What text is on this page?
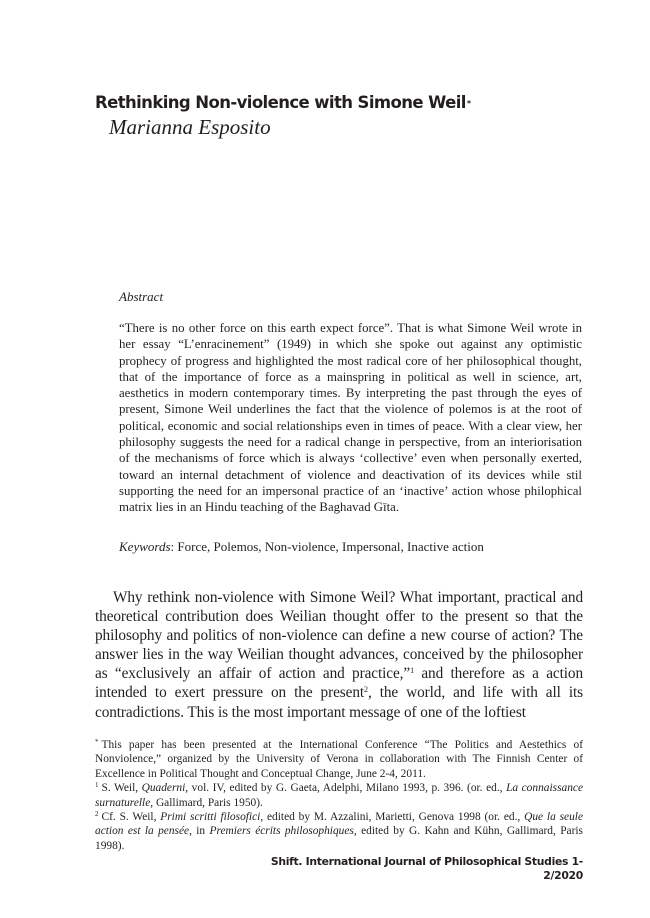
Rethinking Non-violence with Simone Weil*

Marianna Esposito

Abstract

“There is no other force on this earth expect force”. That is what Simone Weil wrote in her essay “L’enracinement” (1949) in which she spoke out against any optimistic prophecy of progress and highlighted the most radical core of her philosophical thought, that of the importance of force as a mainspring in political as well in science, art, aesthetics in modern contemporary times. By interpreting the past through the eyes of present, Simone Weil underlines the fact that the violence of polemos is at the root of political, economic and social relationships even in times of peace. With a clear view, her philosophy suggests the need for a radical change in perspective, from an interiorisation of the mechanisms of force which is always ‘collective’ even when personally exerted, toward an internal detachment of violence and deactivation of its devices while stil supporting the need for an impersonal practice of an ‘inactive’ action whose philophical matrix lies in an Hindu teaching of the Baghavad Gīta.

Keywords: Force, Polemos, Non-violence, Impersonal, Inactive action

Why rethink non-violence with Simone Weil? What important, practical and theoretical contribution does Weilian thought offer to the present so that the philosophy and politics of non-violence can define a new course of action? The answer lies in the way Weilian thought advances, conceived by the philosopher as “exclusively an affair of action and practice,”$^1$ and therefore as a action intended to exert pressure on the present$^2$, the world, and life with all its contradictions. This is the most important message of one of the loftiest

* This paper has been presented at the International Conference “The Politics and Aestethics of Nonviolence,” organized by the University of Verona in collaboration with The Finnish Center of Excellence in Political Thought and Conceptual Change, June 2-4, 2011.

$^1$ S. Weil, Quaderni, vol. IV, edited by G. Gaeta, Adelphi, Milano 1993, p. 396. (or. ed., La connaissance surnaturelle, Gallimard, Paris 1950).

$^2$ Cf. S. Weil, Primi scritti filosofici, edited by M. Azzalini, Marietti, Genova 1998 (or. ed., Que la seule action est la pensée, in Premiers écrits philosophiques, edited by G. Kahn and Kühn, Gallimard, Paris 1998).

Shift. International Journal of Philosophical Studies 1-2/2020
